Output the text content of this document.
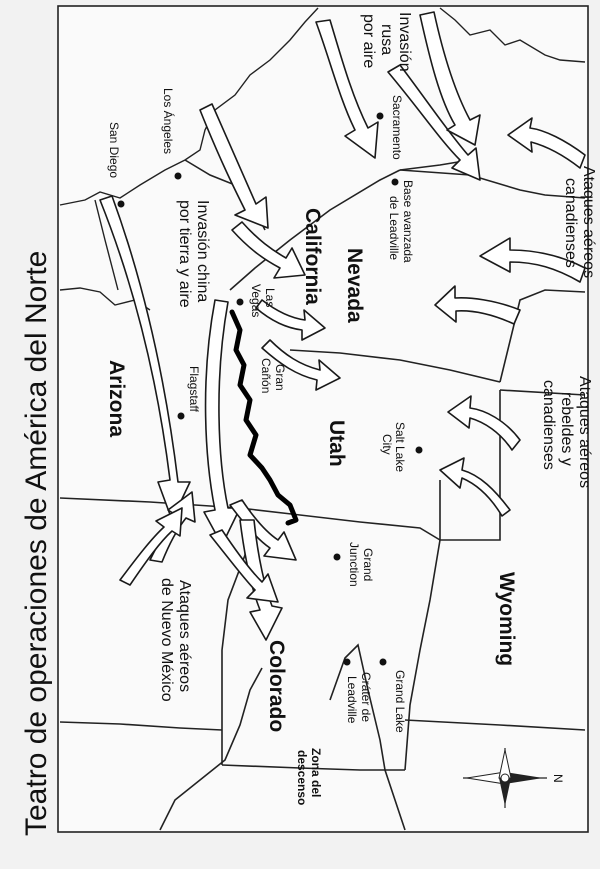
Teatro de operaciones de América del Norte	California Nevada
Arizona
Utah
Colorado
Wyoming
Los Ángeles
San Diego	Sacramento
Base avanzada
de Leadville
Las
Vegas
Gran
Cañón
Flagstaff
Salt Lake
City
Grand
Junction
Grand Lake
Cráter de
Leadville
Invasión
rusa
por aire
Invasión china
por tierra y aire	Ataques aéreos
canadienses
Ataques aéreos
rebeldes y
canadienses
Ataques aéreos
de Nuevo México
Zona del
descenso	N
